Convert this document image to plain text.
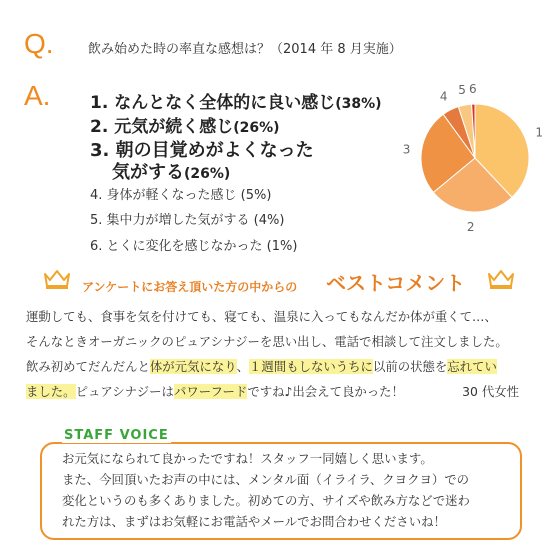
Q.	飲み始めた時の率直な感想は？（2014 年 8 月実施）
A. 1. なんとなく全体的に良い感じ(38%)
2. 元気が続く感じ(26%)
3. 朝の目覚めがよくなった
気がする(26%)
4. 身体が軽くなった感じ (5%)
5. 集中力が増した気がする (4%)
6. とくに変化を感じなかった (1%)
1
2
3
4 5 6
アンケートにお答え頂いた方の中からの ベストコメント

運動しても、食事を気を付けても、寝ても、温泉に入ってもなんだか体が重くて…、

そんなときオーガニックのピュアシナジーを思い出し、電話で相談して注文しました。

飲み初めてだんだんと体が元気になり、１週間もしないうちに以前の状態を忘れてい

ました。ピュアシナジーはパワーフードですね♪出会えて良かった！	30 代女性

STAFF VOICE

お元気になられて良かったですね！スタッフ一同嬉しく思います。

また、今回頂いたお声の中には、メンタル面（イライラ、クヨクヨ）での

変化というのも多くありました。初めての方、サイズや飲み方などで迷わ

れた方は、まずはお気軽にお電話やメールでお問合わせくださいね！
